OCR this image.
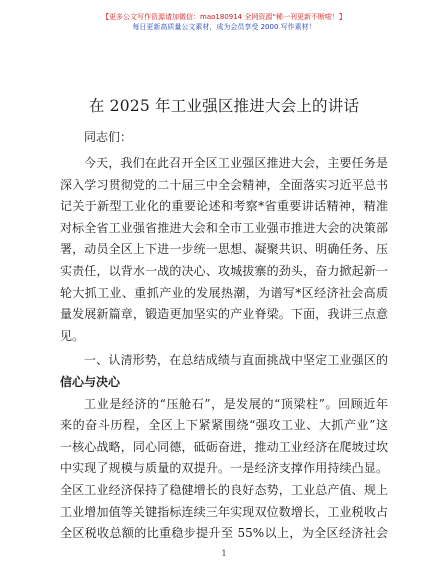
【更多公文写作资源请加微信：mao180914 全网资源“稀一刊更新不断啦！】
每日更新高质量公文素材，成为会员享受 2000 写作素材！
在 2025 年工业强区推进大会上的讲话
同志们：
今天，我们在此召开全区工业强区推进大会，主要任务是
深入学习贯彻党的二十届三中全会精神，全面落实习近平总书
记关于新型工业化的重要论述和考察*省重要讲话精神，精准
对标全省工业强省推进大会和全市工业强市推进大会的决策部
署，动员全区上下进一步统一思想、凝聚共识、明确任务、压
实责任，以背水一战的决心、攻城拔寨的劲头，奋力掀起新一
轮大抓工业、重抓产业的发展热潮，为谱写*区经济社会高质
量发展新篇章，锻造更加坚实的产业脊梁。下面，我讲三点意
见。
一、认清形势，在总结成绩与直面挑战中坚定工业强区的
信心与决心
工业是经济的“压舱石”，是发展的“顶梁柱”。回顾近年
来的奋斗历程，全区上下紧紧围绕“强攻工业、大抓产业”这
一核心战略，同心同德，砥砺奋进，推动工业经济在爬坡过坎
中实现了规模与质量的双提升。一是经济支撑作用持续凸显。
全区工业经济保持了稳健增长的良好态势，工业总产值、规上
工业增加值等关键指标连续三年实现双位数增长，工业税收占
全区税收总额的比重稳步提升至 55%以上，为全区经济社会
1
